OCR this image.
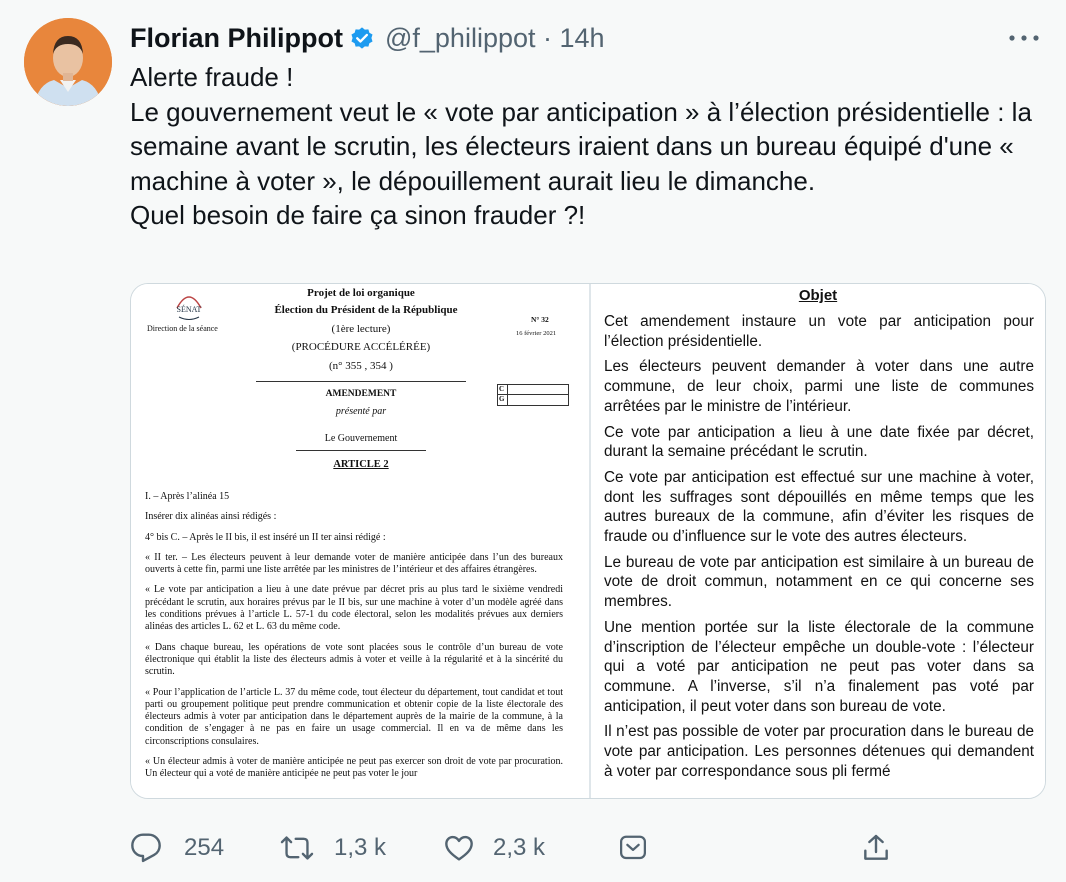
Florian Philippot @f_philippot · 14h

Alerte fraude !

Le gouvernement veut le « vote par anticipation » à l’élection présidentielle : la semaine avant le scrutin, les électeurs iraient dans un bureau équipé d'une « machine à voter », le dépouillement aurait lieu le dimanche.

Quel besoin de faire ça sinon frauder ?!

SÉNAT
Direction de la séance
Projet de loi organique
Élection du Président de la République
(1ère lecture)
(PROCÉDURE ACCÉLÉRÉE)
(n° 355 , 354 )
N° 32
16 février 2021
AMENDEMENT
présenté par
Le Gouvernement
ARTICLE 2
C
G

I. – Après l’alinéa 15

Insérer dix alinéas ainsi rédigés :

4° bis C. – Après le II bis, il est inséré un II ter ainsi rédigé :

« II ter. – Les électeurs peuvent à leur demande voter de manière anticipée dans l’un des bureaux ouverts à cette fin, parmi une liste arrêtée par les ministres de l’intérieur et des affaires étrangères.

« Le vote par anticipation a lieu à une date prévue par décret pris au plus tard le sixième vendredi précédant le scrutin, aux horaires prévus par le II bis, sur une machine à voter d’un modèle agréé dans les conditions prévues à l’article L. 57-1 du code électoral, selon les modalités prévues aux derniers alinéas des articles L. 62 et L. 63 du même code.

« Dans chaque bureau, les opérations de vote sont placées sous le contrôle d’un bureau de vote électronique qui établit la liste des électeurs admis à voter et veille à la régularité et à la sincérité du scrutin.

« Pour l’application de l’article L. 37 du même code, tout électeur du département, tout candidat et tout parti ou groupement politique peut prendre communication et obtenir copie de la liste électorale des électeurs admis à voter par anticipation dans le département auprès de la mairie de la commune, à la condition de s’engager à ne pas en faire un usage commercial. Il en va de même dans les circonscriptions consulaires.

« Un électeur admis à voter de manière anticipée ne peut pas exercer son droit de vote par procuration. Un électeur qui a voté de manière anticipée ne peut pas voter le jour

Objet

Cet amendement instaure un vote par anticipation pour l’élection présidentielle.

Les électeurs peuvent demander à voter dans une autre commune, de leur choix, parmi une liste de communes arrêtées par le ministre de l’intérieur.

Ce vote par anticipation a lieu à une date fixée par décret, durant la semaine précédant le scrutin.

Ce vote par anticipation est effectué sur une machine à voter, dont les suffrages sont dépouillés en même temps que les autres bureaux de la commune, afin d’éviter les risques de fraude ou d’influence sur le vote des autres électeurs.

Le bureau de vote par anticipation est similaire à un bureau de vote de droit commun, notamment en ce qui concerne ses membres.

Une mention portée sur la liste électorale de la commune d’inscription de l’électeur empêche un double-vote : l’électeur qui a voté par anticipation ne peut pas voter dans sa commune. A l’inverse, s’il n’a finalement pas voté par anticipation, il peut voter dans son bureau de vote.

Il n’est pas possible de voter par procuration dans le bureau de vote par anticipation. Les personnes détenues qui demandent à voter par correspondance sous pli fermé

254	1,3 k	2,3 k
